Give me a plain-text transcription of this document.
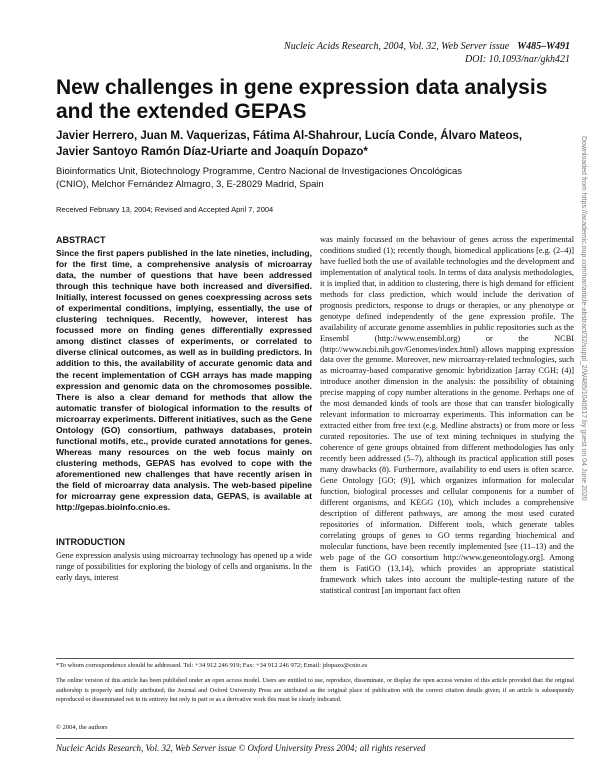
Nucleic Acids Research, 2004, Vol. 32, Web Server issue W485–W491
DOI: 10.1093/nar/gkh421
New challenges in gene expression data analysis and the extended GEPAS
Javier Herrero, Juan M. Vaquerizas, Fátima Al-Shahrour, Lucía Conde, Álvaro Mateos, Javier Santoyo Ramón Díaz-Uriarte and Joaquín Dopazo*
Bioinformatics Unit, Biotechnology Programme, Centro Nacional de Investigaciones Oncológicas (CNIO), Melchor Fernández Almagro, 3, E-28029 Madrid, Spain
Received February 13, 2004; Revised and Accepted April 7, 2004
ABSTRACT

Since the first papers published in the late nineties, including, for the first time, a comprehensive analysis of microarray data, the number of questions that have been addressed through this technique have both increased and diversified. Initially, interest focussed on genes coexpressing across sets of experimental conditions, implying, essentially, the use of clustering techniques. Recently, however, interest has focussed more on finding genes differentially expressed among distinct classes of experiments, or correlated to diverse clinical outcomes, as well as in building predictors. In addition to this, the availability of accurate genomic data and the recent implementation of CGH arrays has made mapping expression and genomic data on the chromosomes possible. There is also a clear demand for methods that allow the automatic transfer of biological information to the results of microarray experiments. Different initiatives, such as the Gene Ontology (GO) consortium, pathways databases, protein functional motifs, etc., provide curated annotations for genes. Whereas many resources on the web focus mainly on clustering methods, GEPAS has evolved to cope with the aforementioned new challenges that have recently arisen in the field of microarray data analysis. The web-based pipeline for microarray gene expression data, GEPAS, is available at http://gepas.bioinfo.cnio.es.

INTRODUCTION

Gene expression analysis using microarray technology has opened up a wide range of possibilities for exploring the biology of cells and organisms. In the early days, interest

was mainly focussed on the behaviour of genes across the experimental conditions studied (1); recently though, biomedical applications [e.g. (2–4)] have fuelled both the use of available technologies and the development and implementation of analytical tools. In terms of data analysis methodologies, it is implied that, in addition to clustering, there is high demand for efficient methods for class prediction, which would include the derivation of prognosis predictors, response to drugs or therapies, or any phenotype or genotype defined independently of the gene expression profile. The availability of accurate genome assemblies in public repositories such as the Ensembl (http://www.ensembl.org) or the NCBI (http://www.ncbi.nih.gov/Genomes/index.html) allows mapping expression data over the genome. Moreover, new microarray-related technologies, such as microarray-based comparative genomic hybridization [array CGH; (4)] introduce another dimension in the analysis: the possibility of obtaining precise mapping of copy number alterations in the genome. Perhaps one of the most demanded kinds of tools are those that can transfer biologically relevant information to microarray experiments. This information can be extracted either from free text (e.g. Medline abstracts) or from more or less curated repositories. The use of text mining techniques in studying the coherence of gene groups obtained from different methodologies has only recently been addressed (5–7), although its practical application still poses many drawbacks (8). Furthermore, availability to end users is often scarce. Gene Ontology [GO; (9)], which organizes information for molecular function, biological processes and cellular components for a number of different organisms, and KEGG (10), which includes a comprehensive description of different pathways, are among the most used curated repositories of information. Different tools, which generate tables correlating groups of genes to GO terms regarding biochemical and molecular functions, have been recently implemented [see (11–13) and the web page of the GO consortium http://www.geneontology.org]. Among them is FatiGO (13,14), which provides an appropriate statistical framework which takes into account the multiple-testing nature of the statistical contrast [an important fact often

*To whom correspondence should be addressed. Tel: +34 912 246 919; Fax: +34 912 246 972; Email: jdopazo@cnio.es
The online version of this article has been published under an open access model. Users are entitled to use, reproduce, disseminate, or display the open access version of this article provided that: the original authorship is properly and fully attributed; the Journal and Oxford University Press are attributed as the original place of publication with the correct citation details given; if an article is subsequently reproduced or disseminated not in its entirety but only in part or as a derivative work this must be clearly indicated.
© 2004, the authors
Nucleic Acids Research, Vol. 32, Web Server issue © Oxford University Press 2004; all rights reserved
Downloaded from https://academic.oup.com/nar/article-abstract/32/suppl_2/W485/1040617 by guest on 04 June 2020
